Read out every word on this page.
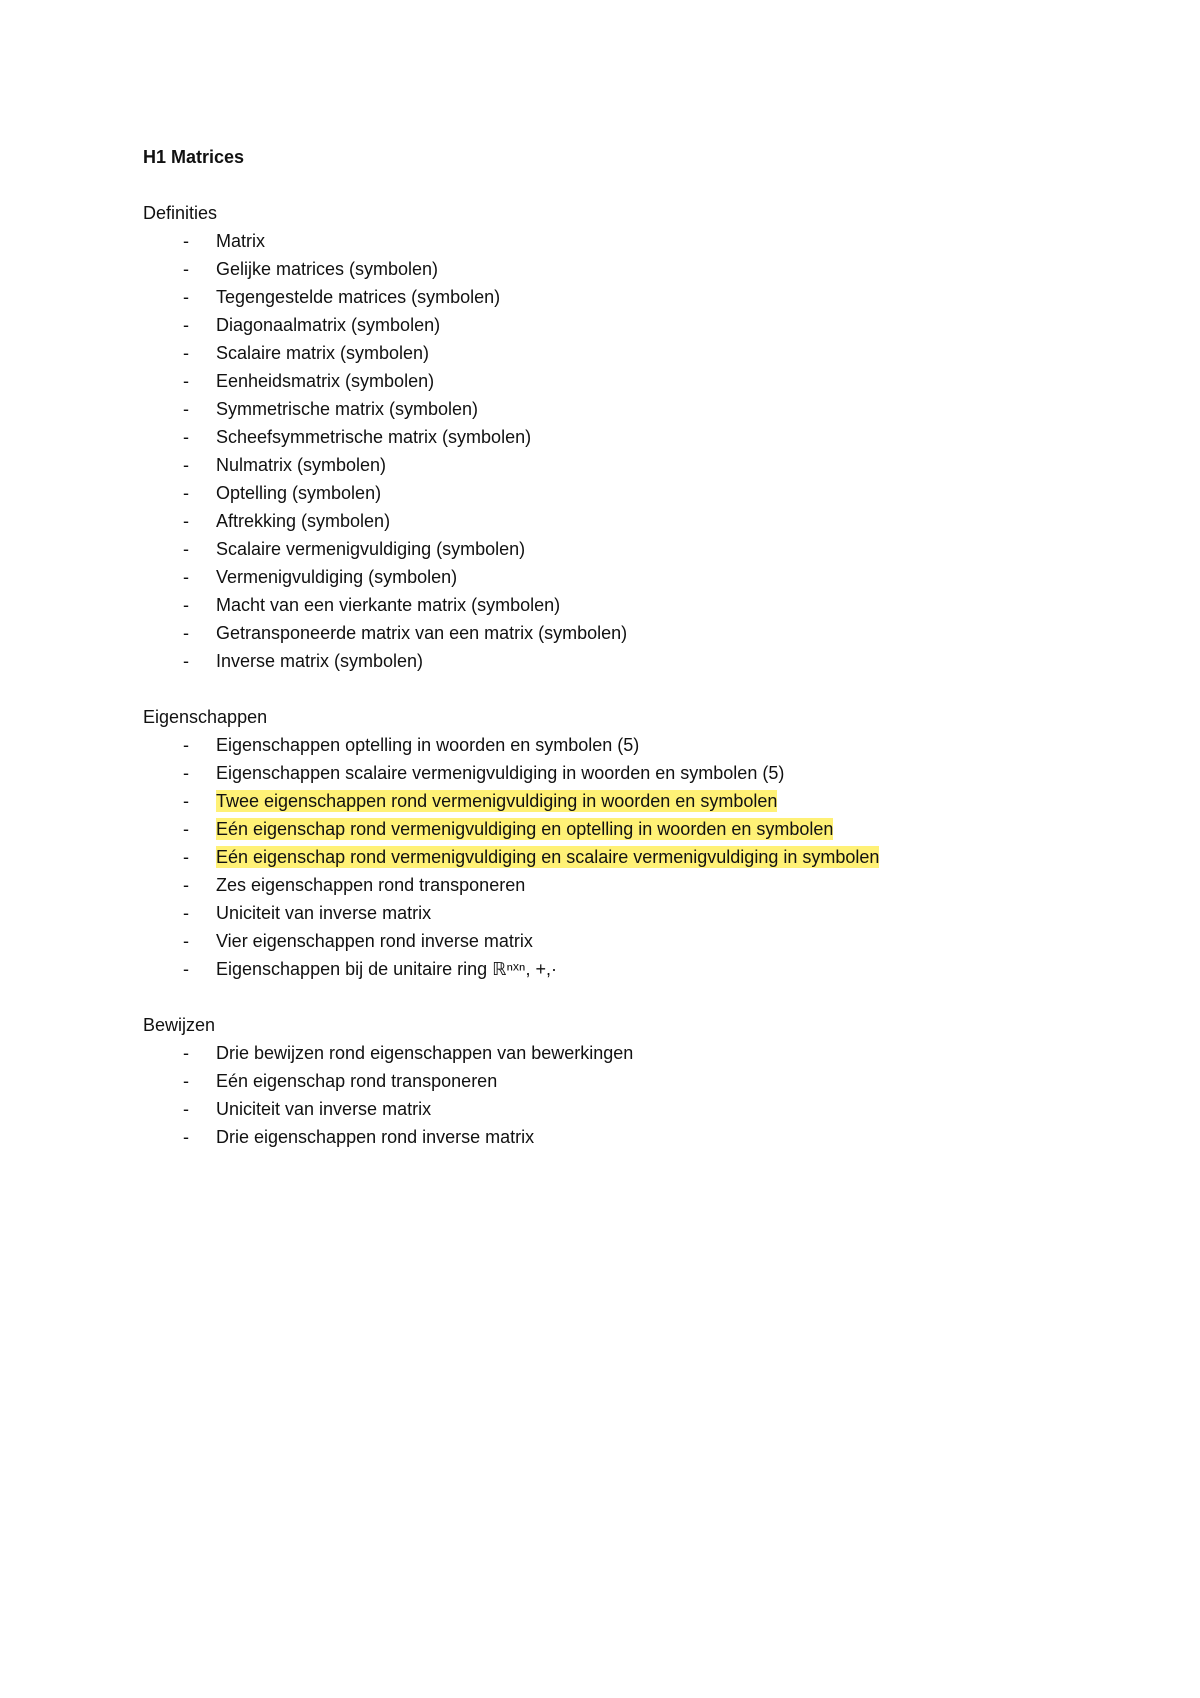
H1 Matrices
Definities
- Matrix
- Gelijke matrices (symbolen)
- Tegengestelde matrices (symbolen)
- Diagonaalmatrix (symbolen)
- Scalaire matrix (symbolen)
- Eenheidsmatrix (symbolen)
- Symmetrische matrix (symbolen)
- Scheefsymmetrische matrix (symbolen)
- Nulmatrix (symbolen)
- Optelling (symbolen)
- Aftrekking (symbolen)
- Scalaire vermenigvuldiging (symbolen)
- Vermenigvuldiging (symbolen)
- Macht van een vierkante matrix (symbolen)
- Getransponeerde matrix van een matrix (symbolen)
- Inverse matrix (symbolen)
Eigenschappen
- Eigenschappen optelling in woorden en symbolen (5)
- Eigenschappen scalaire vermenigvuldiging in woorden en symbolen (5)
- Twee eigenschappen rond vermenigvuldiging in woorden en symbolen
- Eén eigenschap rond vermenigvuldiging en optelling in woorden en symbolen
- Eén eigenschap rond vermenigvuldiging en scalaire vermenigvuldiging in symbolen
- Zes eigenschappen rond transponeren
- Uniciteit van inverse matrix
- Vier eigenschappen rond inverse matrix
- Eigenschappen bij de unitaire ring ℝⁿˣⁿ, +,·
Bewijzen
- Drie bewijzen rond eigenschappen van bewerkingen
- Eén eigenschap rond transponeren
- Uniciteit van inverse matrix
- Drie eigenschappen rond inverse matrix
